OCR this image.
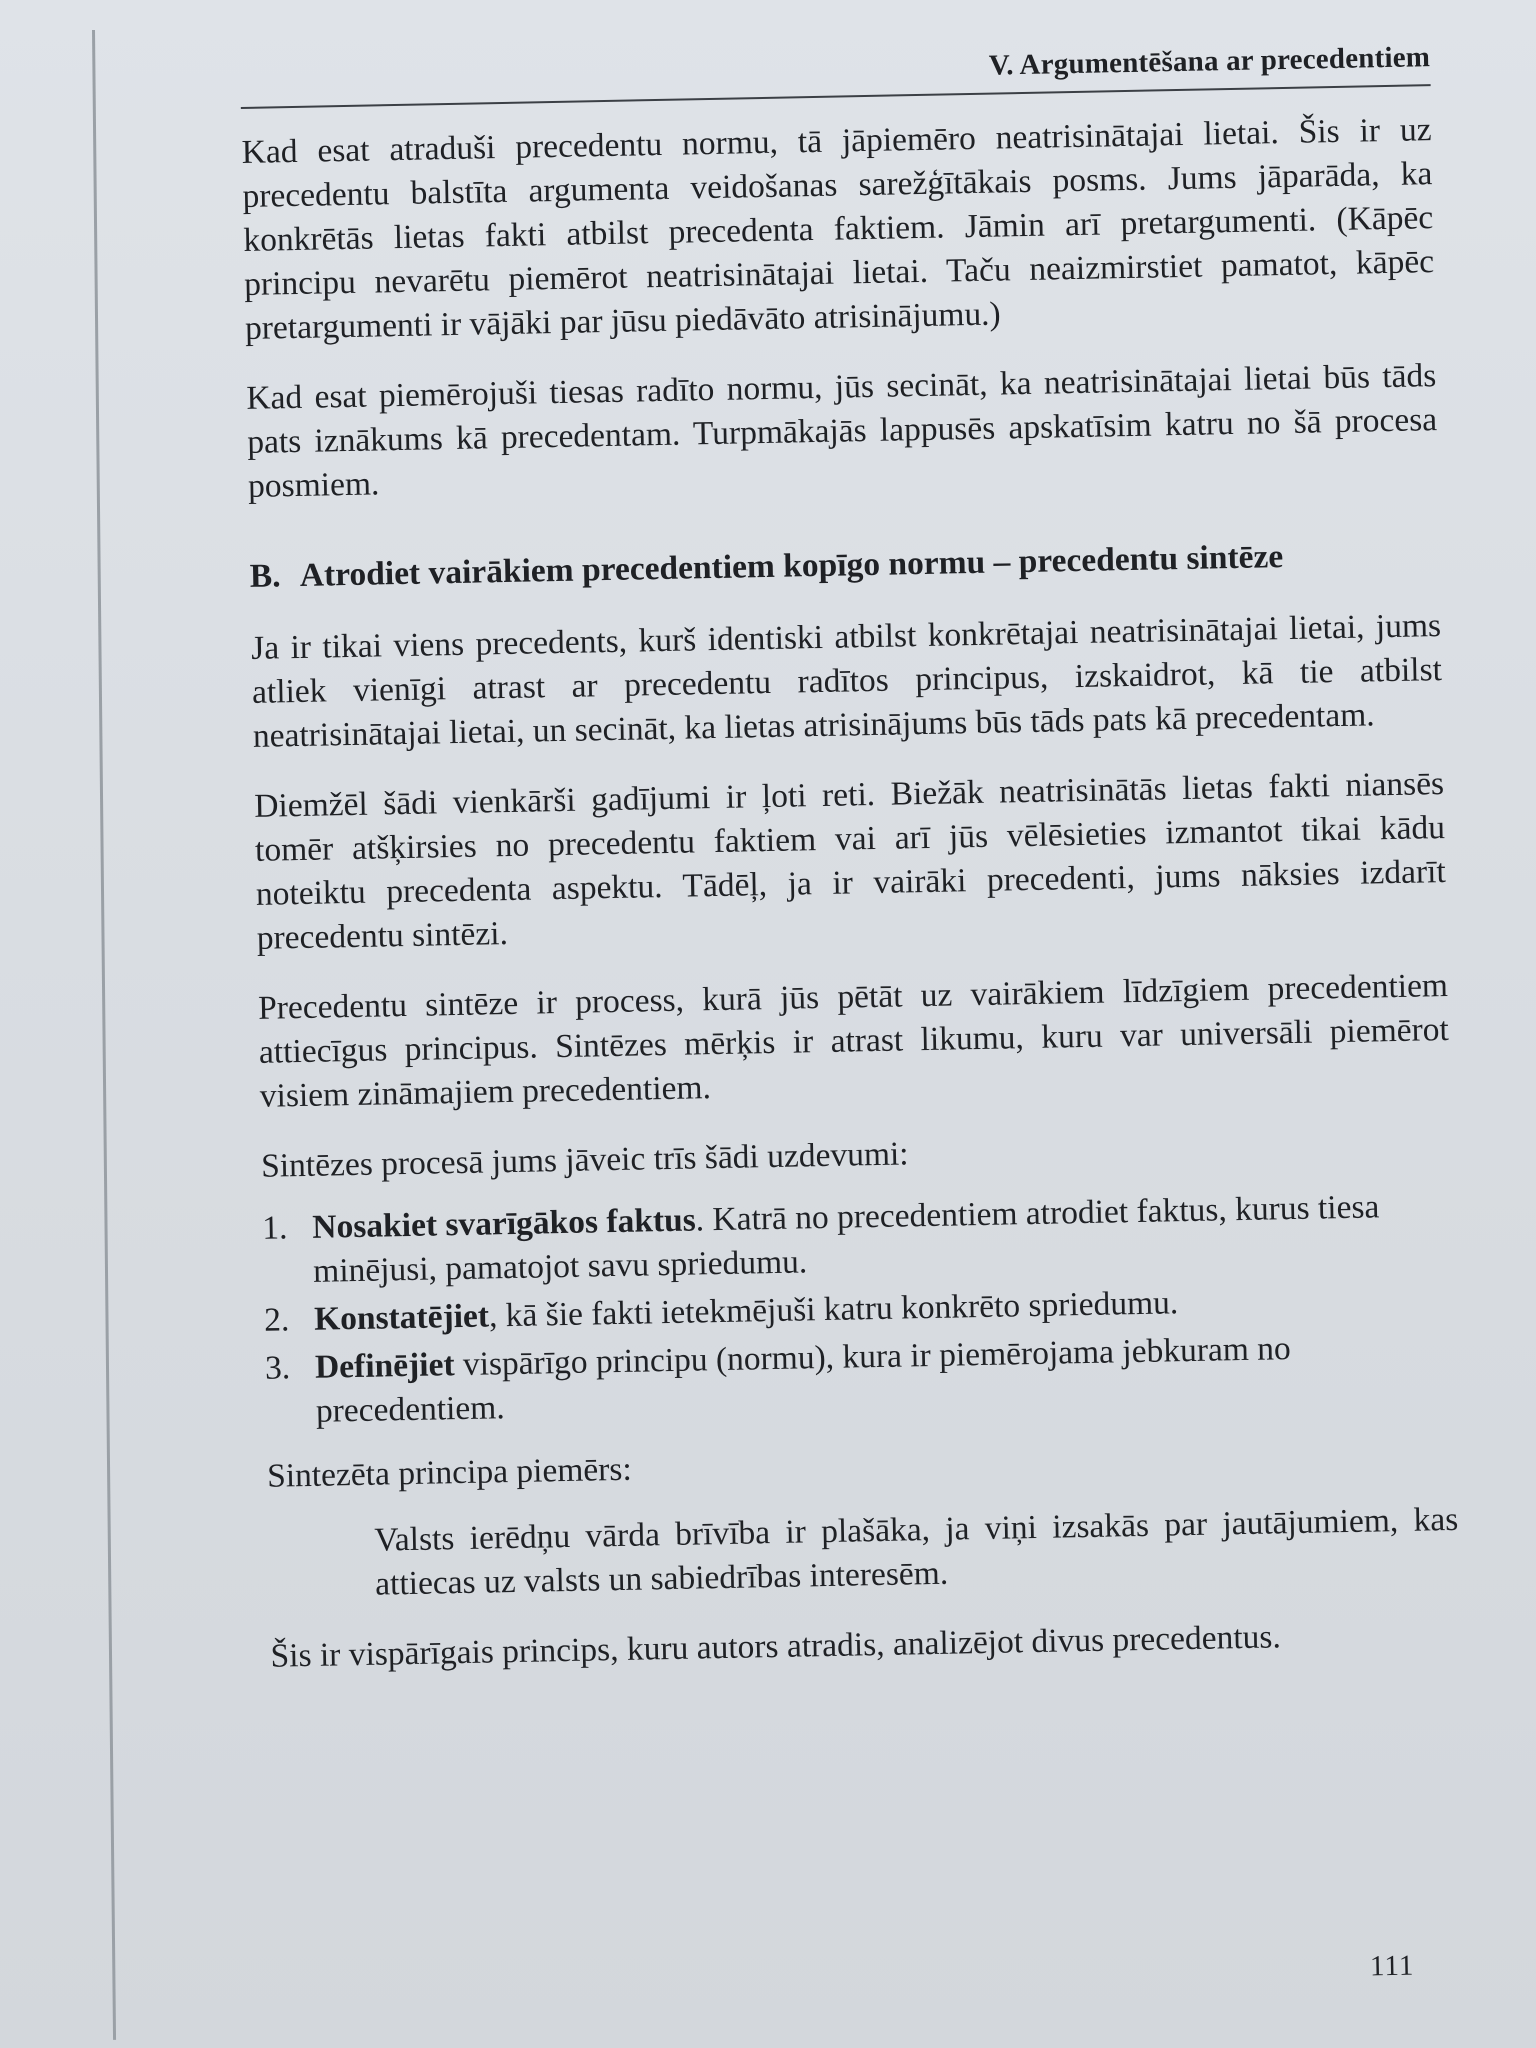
V. Argumentēšana ar precedentiem

Kad esat atraduši precedentu normu, tā jāpiemēro neatrisinātajai lietai. Šis ir uz precedentu balstīta argumenta veidošanas sarežģītākais posms. Jums jāparāda, ka konkrētās lietas fakti atbilst precedenta faktiem. Jāmin arī pretargumenti. (Kāpēc principu nevarētu piemērot neatrisinātajai lietai. Taču neaizmirstiet pamatot, kāpēc pretargumenti ir vājāki par jūsu piedāvāto atrisinājumu.)

Kad esat piemērojuši tiesas radīto normu, jūs secināt, ka neatrisinātajai lietai būs tāds pats iznākums kā precedentam. Turpmākajās lappusēs apskatīsim katru no šā procesa posmiem.

B. Atrodiet vairākiem precedentiem kopīgo normu – precedentu sintēze

Ja ir tikai viens precedents, kurš identiski atbilst konkrētajai neatrisinātajai lietai, jums atliek vienīgi atrast ar precedentu radītos principus, izskaidrot, kā tie atbilst neatrisinātajai lietai, un secināt, ka lietas atrisinājums būs tāds pats kā precedentam.

Diemžēl šādi vienkārši gadījumi ir ļoti reti. Biežāk neatrisinātās lietas fakti niansēs tomēr atšķirsies no precedentu faktiem vai arī jūs vēlēsieties izmantot tikai kādu noteiktu precedenta aspektu. Tādēļ, ja ir vairāki precedenti, jums nāksies izdarīt precedentu sintēzi.

Precedentu sintēze ir process, kurā jūs pētāt uz vairākiem līdzīgiem precedentiem attiecīgus principus. Sintēzes mērķis ir atrast likumu, kuru var universāli piemērot visiem zināmajiem precedentiem.

Sintēzes procesā jums jāveic trīs šādi uzdevumi:

1. Nosakiet svarīgākos faktus. Katrā no precedentiem atrodiet faktus, kurus tiesa minējusi, pamatojot savu spriedumu.
2. Konstatējiet, kā šie fakti ietekmējuši katru konkrēto spriedumu.
3. Definējiet vispārīgo principu (normu), kura ir piemērojama jebkuram no precedentiem.

Sintezēta principa piemērs:

Valsts ierēdņu vārda brīvība ir plašāka, ja viņi izsakās par jautājumiem, kas attiecas uz valsts un sabiedrības interesēm.

Šis ir vispārīgais princips, kuru autors atradis, analizējot divus precedentus.

111
